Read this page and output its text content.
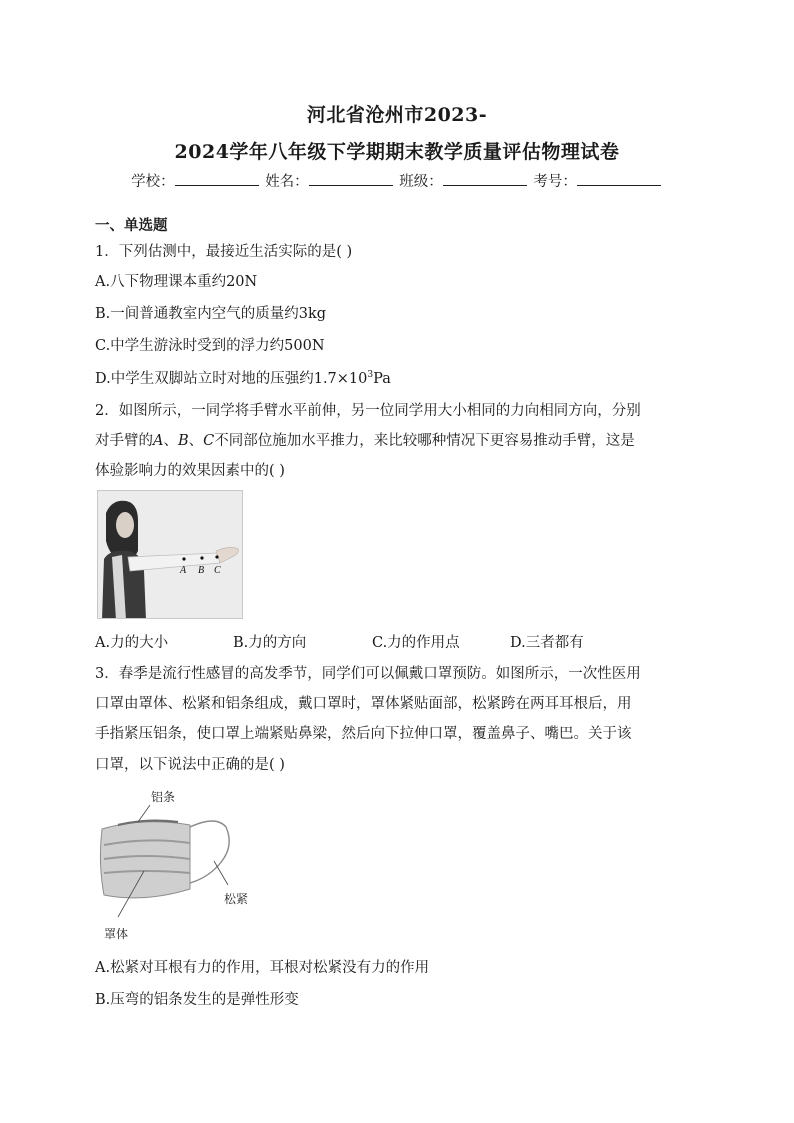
河北省沧州市2023-
2024学年八年级下学期期末教学质量评估物理试卷
学校：	姓名：	班级：	考号：
一、单选题
1．下列估测中，最接近生活实际的是( )
A.八下物理课本重约20N
B.一间普通教室内空气的质量约3kg
C.中学生游泳时受到的浮力约500N
D.中学生双脚站立时对地的压强约$1.7\times 10^3Pa$
2．如图所示，一同学将手臂水平前伸，另一位同学用大小相同的力向相同方向，分别
对手臂的A、B、C不同部位施加水平推力，来比较哪种情况下更容易推动手臂，这是
体验影响力的效果因素中的( )
A B C
A.力的大小	B.力的方向	C.力的作用点	D.三者都有
3．春季是流行性感冒的高发季节，同学们可以佩戴口罩预防。如图所示，一次性医用
口罩由罩体、松紧和铝条组成，戴口罩时，罩体紧贴面部，松紧跨在两耳耳根后，用
手指紧压铝条，使口罩上端紧贴鼻梁，然后向下拉伸口罩，覆盖鼻子、嘴巴。关于该
口罩，以下说法中正确的是( )
铝条
松紧
罩体
A.松紧对耳根有力的作用，耳根对松紧没有力的作用
B.压弯的铝条发生的是弹性形变
